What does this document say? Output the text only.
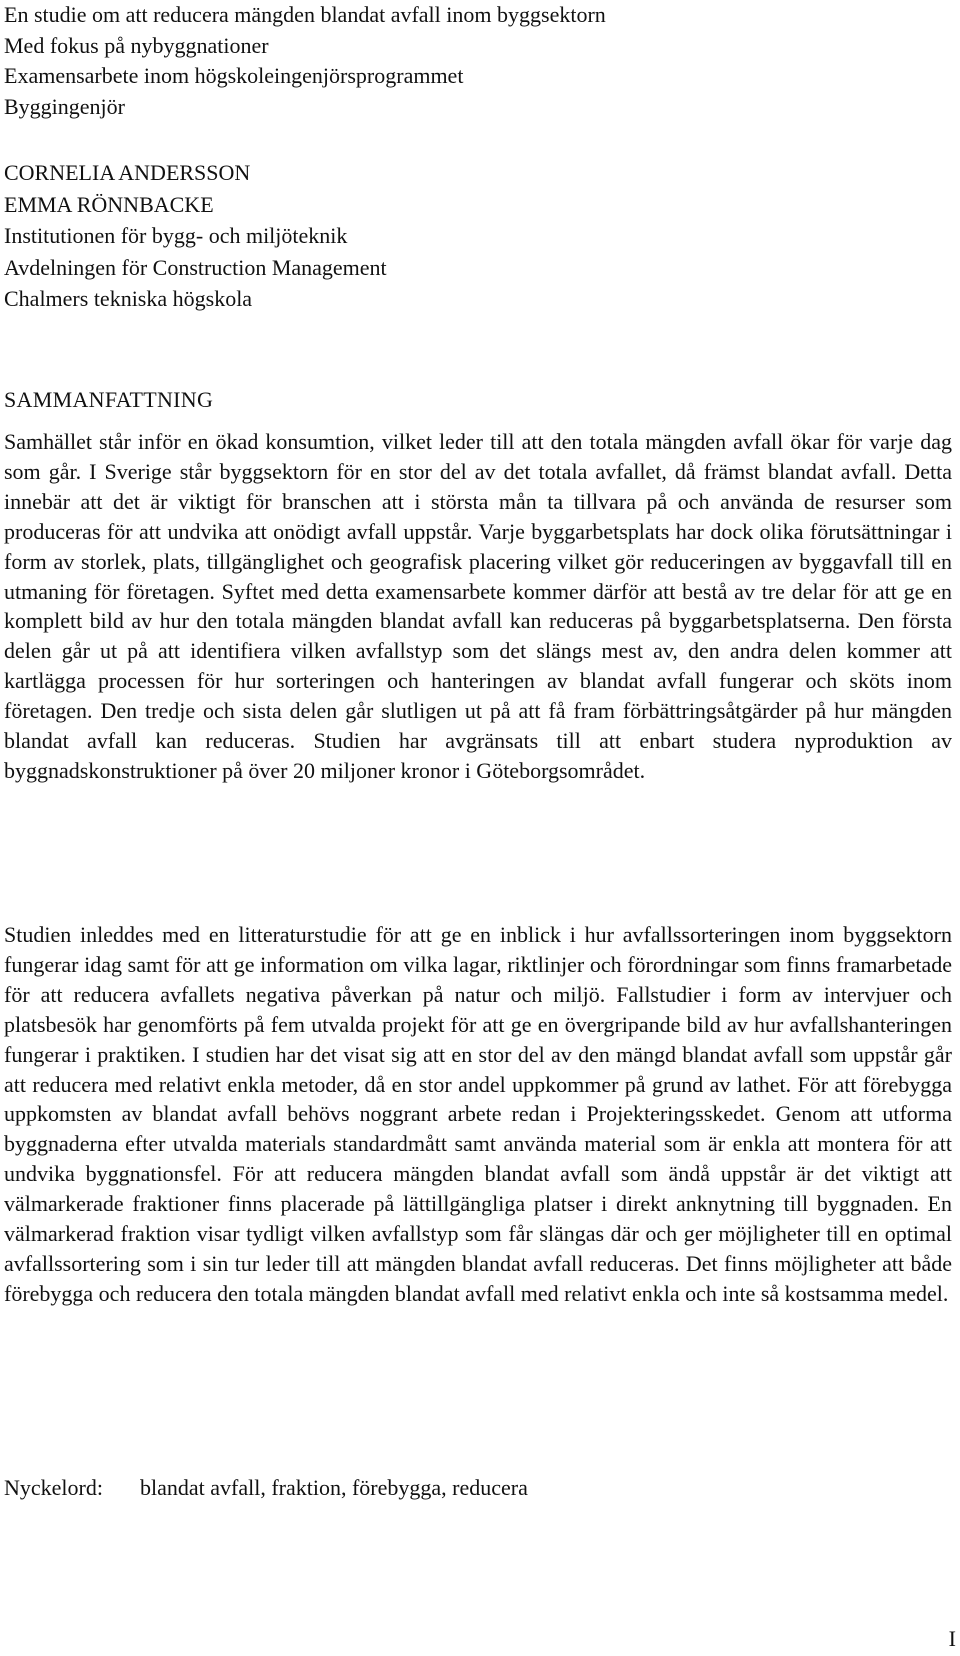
En studie om att reducera mängden blandat avfall inom byggsektorn
Med fokus på nybyggnationer
Examensarbete inom högskoleingenjörsprogrammet
Byggingenjör
CORNELIA ANDERSSON
EMMA RÖNNBACKE
Institutionen för bygg- och miljöteknik
Avdelningen för Construction Management
Chalmers tekniska högskola
SAMMANFATTNING

Samhället står inför en ökad konsumtion, vilket leder till att den totala mängden avfall ökar för varje dag som går. I Sverige står byggsektorn för en stor del av det totala avfallet, då främst blandat avfall. Detta innebär att det är viktigt för branschen att i största mån ta tillvara på och använda de resurser som produceras för att undvika att onödigt avfall uppstår. Varje byggarbetsplats har dock olika förutsättningar i form av storlek, plats, tillgänglighet och geografisk placering vilket gör reduceringen av byggavfall till en utmaning för företagen. Syftet med detta examensarbete kommer därför att bestå av tre delar för att ge en komplett bild av hur den totala mängden blandat avfall kan reduceras på byggarbetsplatserna. Den första delen går ut på att identifiera vilken avfallstyp som det slängs mest av, den andra delen kommer att kartlägga processen för hur sorteringen och hanteringen av blandat avfall fungerar och sköts inom företagen. Den tredje och sista delen går slutligen ut på att få fram förbättringsåtgärder på hur mängden blandat avfall kan reduceras. Studien har avgränsats till att enbart studera nyproduktion av byggnadskonstruktioner på över 20 miljoner kronor i Göteborgsområdet.

Studien inleddes med en litteraturstudie för att ge en inblick i hur avfallssorteringen inom byggsektorn fungerar idag samt för att ge information om vilka lagar, riktlinjer och förordningar som finns framarbetade för att reducera avfallets negativa påverkan på natur och miljö. Fallstudier i form av intervjuer och platsbesök har genomförts på fem utvalda projekt för att ge en övergripande bild av hur avfallshanteringen fungerar i praktiken. I studien har det visat sig att en stor del av den mängd blandat avfall som uppstår går att reducera med relativt enkla metoder, då en stor andel uppkommer på grund av lathet. För att förebygga uppkomsten av blandat avfall behövs noggrant arbete redan i Projekteringsskedet. Genom att utforma byggnaderna efter utvalda materials standardmått samt använda material som är enkla att montera för att undvika byggnationsfel. För att reducera mängden blandat avfall som ändå uppstår är det viktigt att välmarkerade fraktioner finns placerade på lättillgängliga platser i direkt anknytning till byggnaden. En välmarkerad fraktion visar tydligt vilken avfallstyp som får slängas där och ger möjligheter till en optimal avfallssortering som i sin tur leder till att mängden blandat avfall reduceras. Det finns möjligheter att både förebygga och reducera den totala mängden blandat avfall med relativt enkla och inte så kostsamma medel.

Nyckelord: blandat avfall, fraktion, förebygga, reducera
I
